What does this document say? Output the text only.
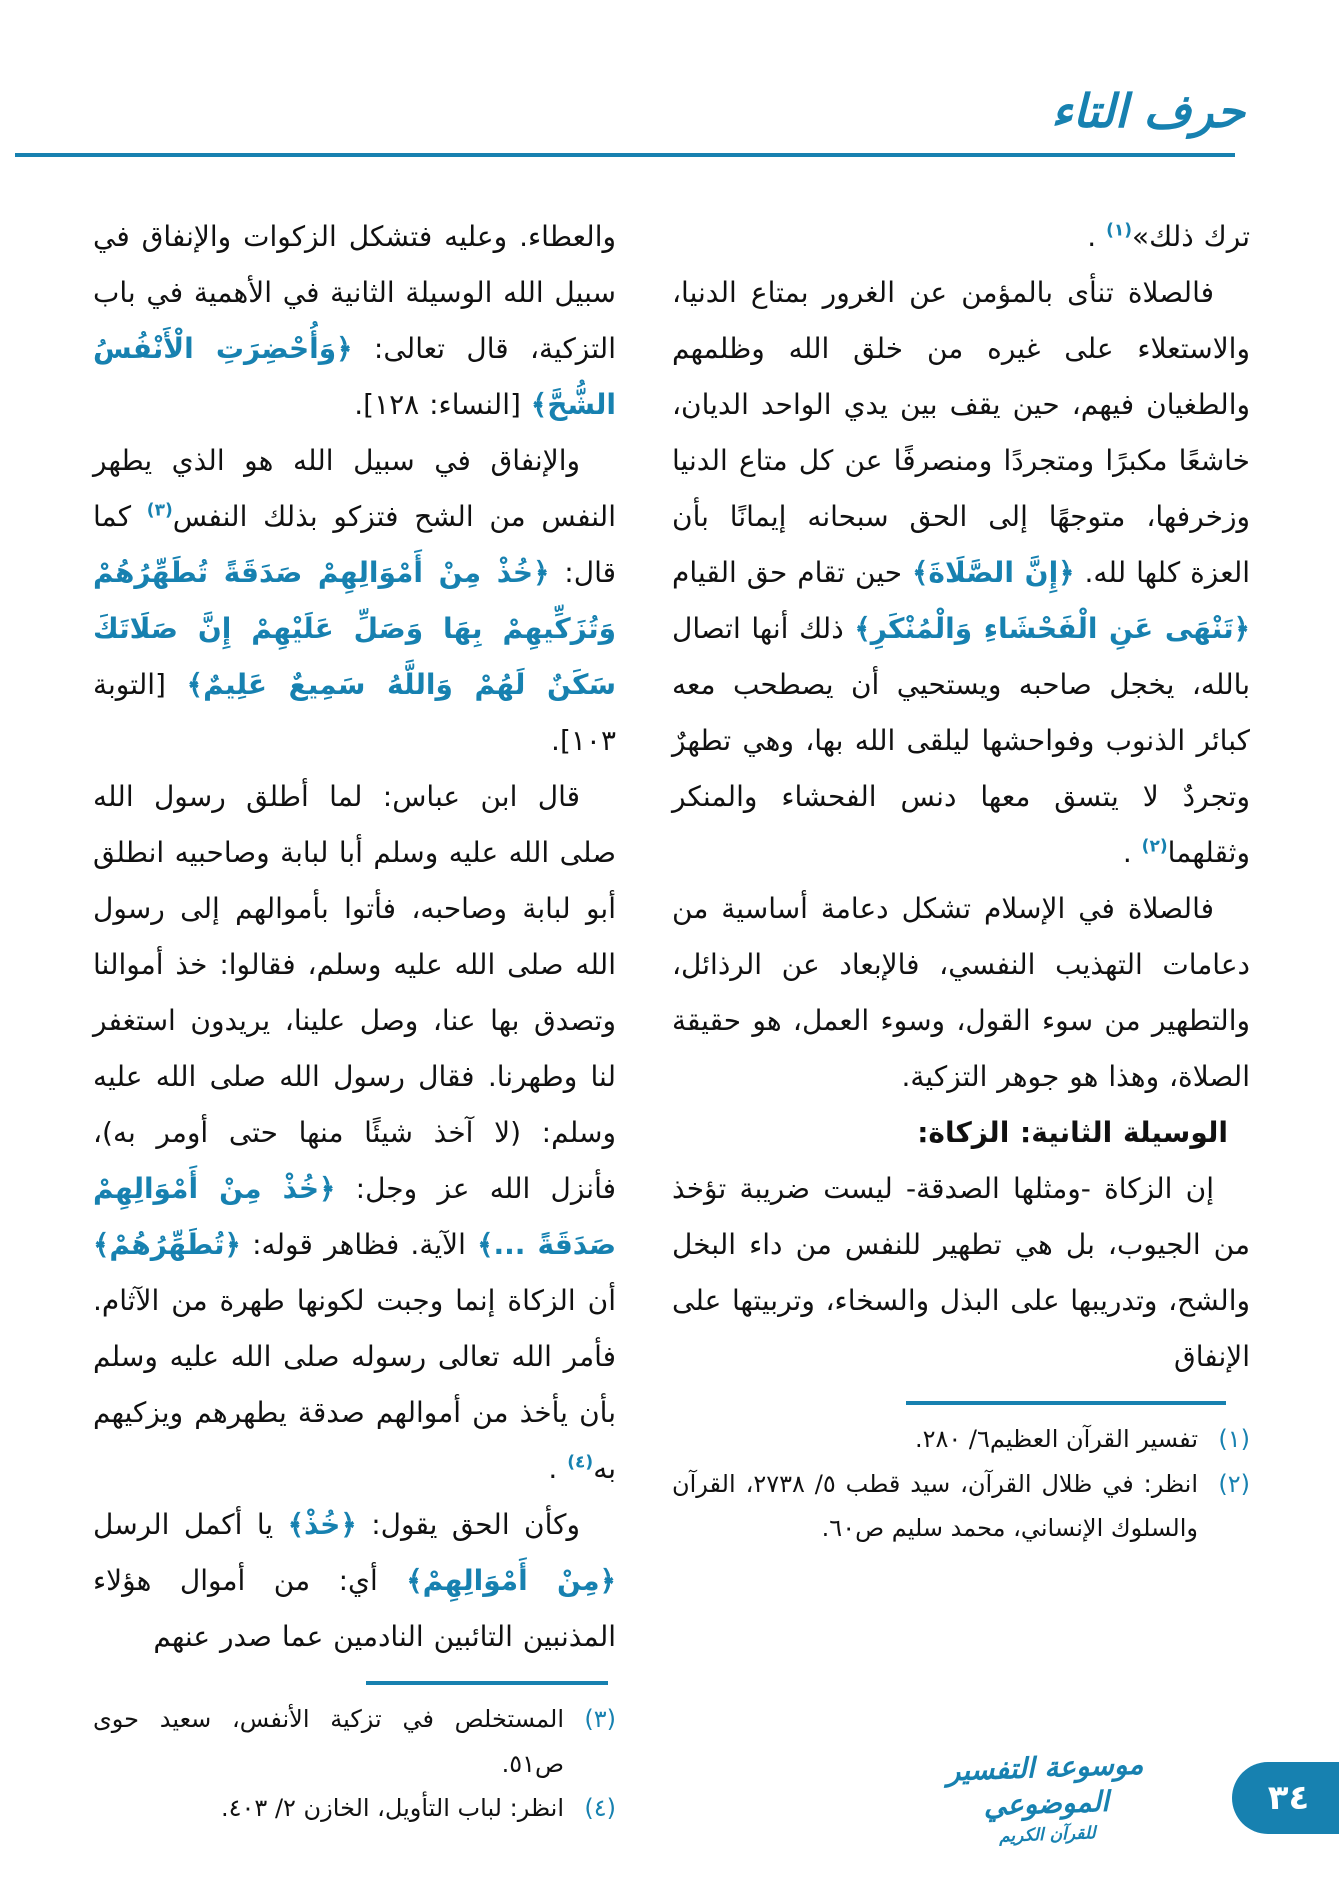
حرف التاء

ترك ذلك»$^{(١)}$ .

فالصلاة تنأى بالمؤمن عن الغرور بمتاع الدنيا، والاستعلاء على غيره من خلق الله وظلمهم والطغيان فيهم، حين يقف بين يدي الواحد الديان، خاشعًا مكبرًا ومتجردًا ومنصرفًا عن كل متاع الدنيا وزخرفها، متوجهًا إلى الحق سبحانه إيمانًا بأن العزة كلها لله. ﴿إِنَّ الصَّلَاةَ﴾ حين تقام حق القيام ﴿تَنْهَى عَنِ الْفَحْشَاءِ وَالْمُنْكَرِ﴾ ذلك أنها اتصال بالله، يخجل صاحبه ويستحيي أن يصطحب معه كبائر الذنوب وفواحشها ليلقى الله بها، وهي تطهرٌ وتجردٌ لا يتسق معها دنس الفحشاء والمنكر وثقلهما$^{(٢)}$ .

فالصلاة في الإسلام تشكل دعامة أساسية من دعامات التهذيب النفسي، فالإبعاد عن الرذائل، والتطهير من سوء القول، وسوء العمل، هو حقيقة الصلاة، وهذا هو جوهر التزكية.

الوسيلة الثانية: الزكاة:

إن الزكاة -ومثلها الصدقة- ليست ضريبة تؤخذ من الجيوب، بل هي تطهير للنفس من داء البخل والشح، وتدريبها على البذل والسخاء، وتربيتها على الإنفاق

(١)
تفسير القرآن العظيم٦/ ٢٨٠.
(٢)
انظر: في ظلال القرآن، سيد قطب ٥/ ٢٧٣٨، القرآن والسلوك الإنساني، محمد سليم ص٦٠.

والعطاء. وعليه فتشكل الزكوات والإنفاق في سبيل الله الوسيلة الثانية في الأهمية في باب التزكية، قال تعالى: ﴿وَأُحْضِرَتِ الْأَنْفُسُ الشُّحَّ﴾ [النساء: ١٢٨].

والإنفاق في سبيل الله هو الذي يطهر النفس من الشح فتزكو بذلك النفس$^{(٣)}$ كما قال: ﴿خُذْ مِنْ أَمْوَالِهِمْ صَدَقَةً تُطَهِّرُهُمْ وَتُزَكِّيهِمْ بِهَا وَصَلِّ عَلَيْهِمْ إِنَّ صَلَاتَكَ سَكَنٌ لَهُمْ وَاللَّهُ سَمِيعٌ عَلِيمٌ﴾ [التوبة ١٠٣].

قال ابن عباس: لما أطلق رسول الله صلى الله عليه وسلم أبا لبابة وصاحبيه انطلق أبو لبابة وصاحبه، فأتوا بأموالهم إلى رسول الله صلى الله عليه وسلم، فقالوا: خذ أموالنا وتصدق بها عنا، وصل علينا، يريدون استغفر لنا وطهرنا. فقال رسول الله صلى الله عليه وسلم: (لا آخذ شيئًا منها حتى أومر به)، فأنزل الله عز وجل: ﴿خُذْ مِنْ أَمْوَالِهِمْ صَدَقَةً ...﴾ الآية. فظاهر قوله: ﴿تُطَهِّرُهُمْ﴾ أن الزكاة إنما وجبت لكونها طهرة من الآثام. فأمر الله تعالى رسوله صلى الله عليه وسلم بأن يأخذ من أموالهم صدقة يطهرهم ويزكيهم به$^{(٤)}$ .

وكأن الحق يقول: ﴿خُذْ﴾ يا أكمل الرسل ﴿مِنْ أَمْوَالِهِمْ﴾ أي: من أموال هؤلاء المذنبين التائبين النادمين عما صدر عنهم

(٣)
المستخلص في تزكية الأنفس، سعيد حوى ص٥١.
(٤)
انظر: لباب التأويل، الخازن ٢/ ٤٠٣.
موسوعة التفسير الموضوعي
للقرآن الكريم
٣٤
